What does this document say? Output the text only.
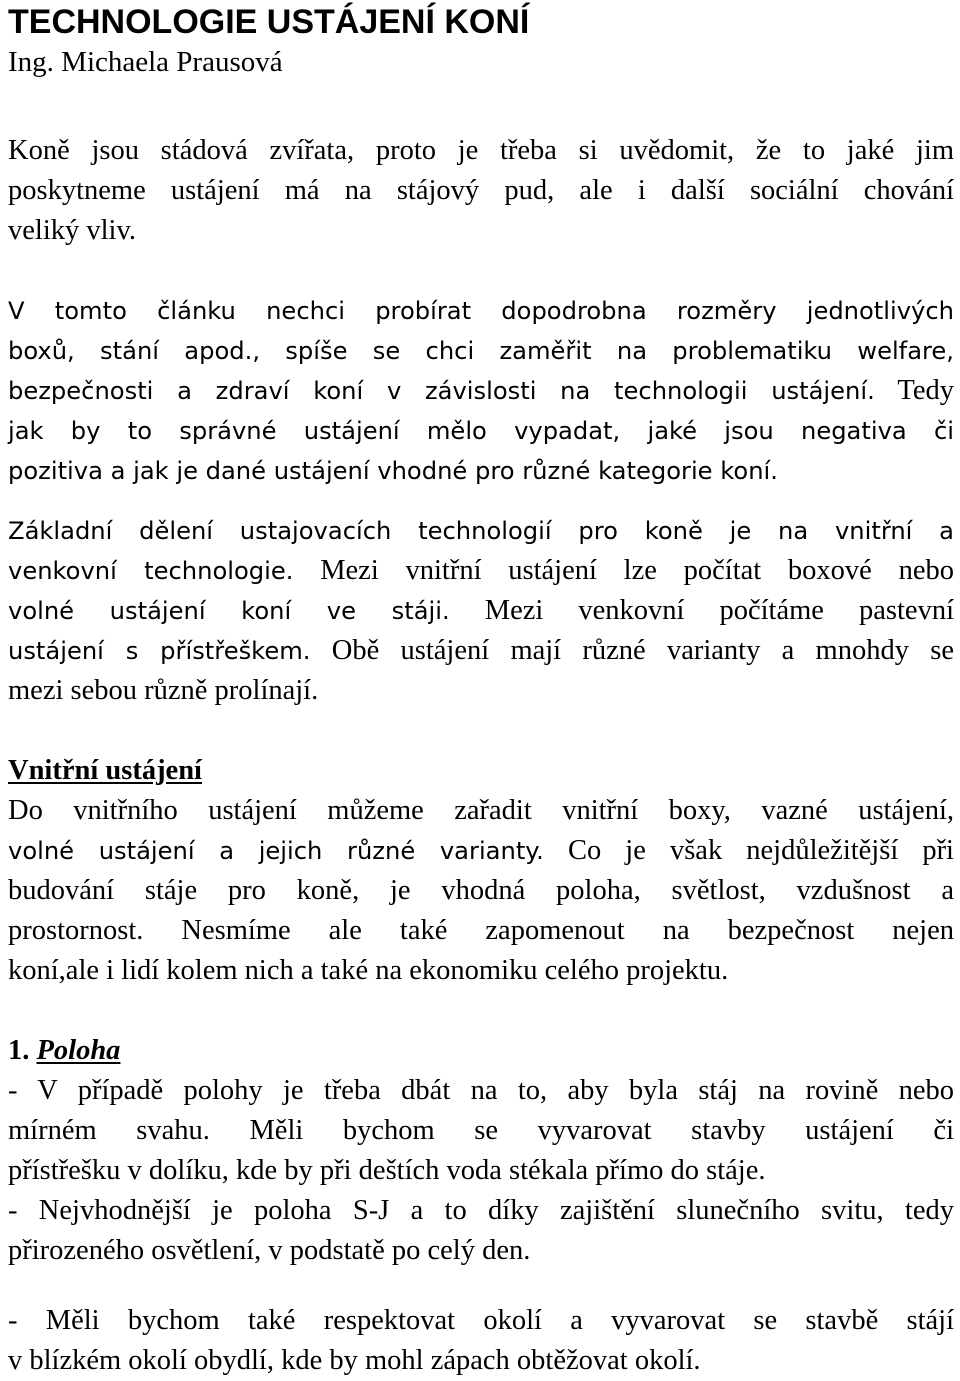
TECHNOLOGIE USTÁJENÍ KONÍ
Ing. Michaela Prausová
Koně jsou stádová zvířata, proto je třeba si uvědomit, že to jaké jim
poskytneme ustájení má na stájový pud, ale i další sociální chování
veliký vliv.
V tomto článku nechci probírat dopodrobna rozměry jednotlivých
boxů, stání apod., spíše se chci zaměřit na problematiku welfare,
bezpečnosti a zdraví koní v závislosti na technologii ustájení. Tedy
jak by to správné ustájení mělo vypadat, jaké jsou negativa či
pozitiva a jak je dané ustájení vhodné pro různé kategorie koní.
Základní dělení ustajovacích technologií pro koně je na vnitřní a
venkovní technologie. Mezi vnitřní ustájení lze počítat boxové nebo
volné ustájení koní ve stáji. Mezi venkovní počítáme pastevní
ustájení s přístřeškem. Obě ustájení mají různé varianty a mnohdy se
mezi sebou různě prolínají.
Vnitřní ustájení
Do vnitřního ustájení můžeme zařadit vnitřní boxy, vazné ustájení,
volné ustájení a jejich různé varianty. Co je však nejdůležitější při
budování stáje pro koně, je vhodná poloha, světlost, vzdušnost a
prostornost. Nesmíme ale také zapomenout na bezpečnost nejen
koní,ale i lidí kolem nich a také na ekonomiku celého projektu.
1. Poloha
- V případě polohy je třeba dbát na to, aby byla stáj na rovině nebo
mírném svahu. Měli bychom se vyvarovat stavby ustájení či
přístřešku v dolíku, kde by při deštích voda stékala přímo do stáje.
- Nejvhodnější je poloha S-J a to díky zajištění slunečního svitu, tedy
přirozeného osvětlení, v podstatě po celý den.
- Měli bychom také respektovat okolí a vyvarovat se stavbě stájí
v blízkém okolí obydlí, kde by mohl zápach obtěžovat okolí.
